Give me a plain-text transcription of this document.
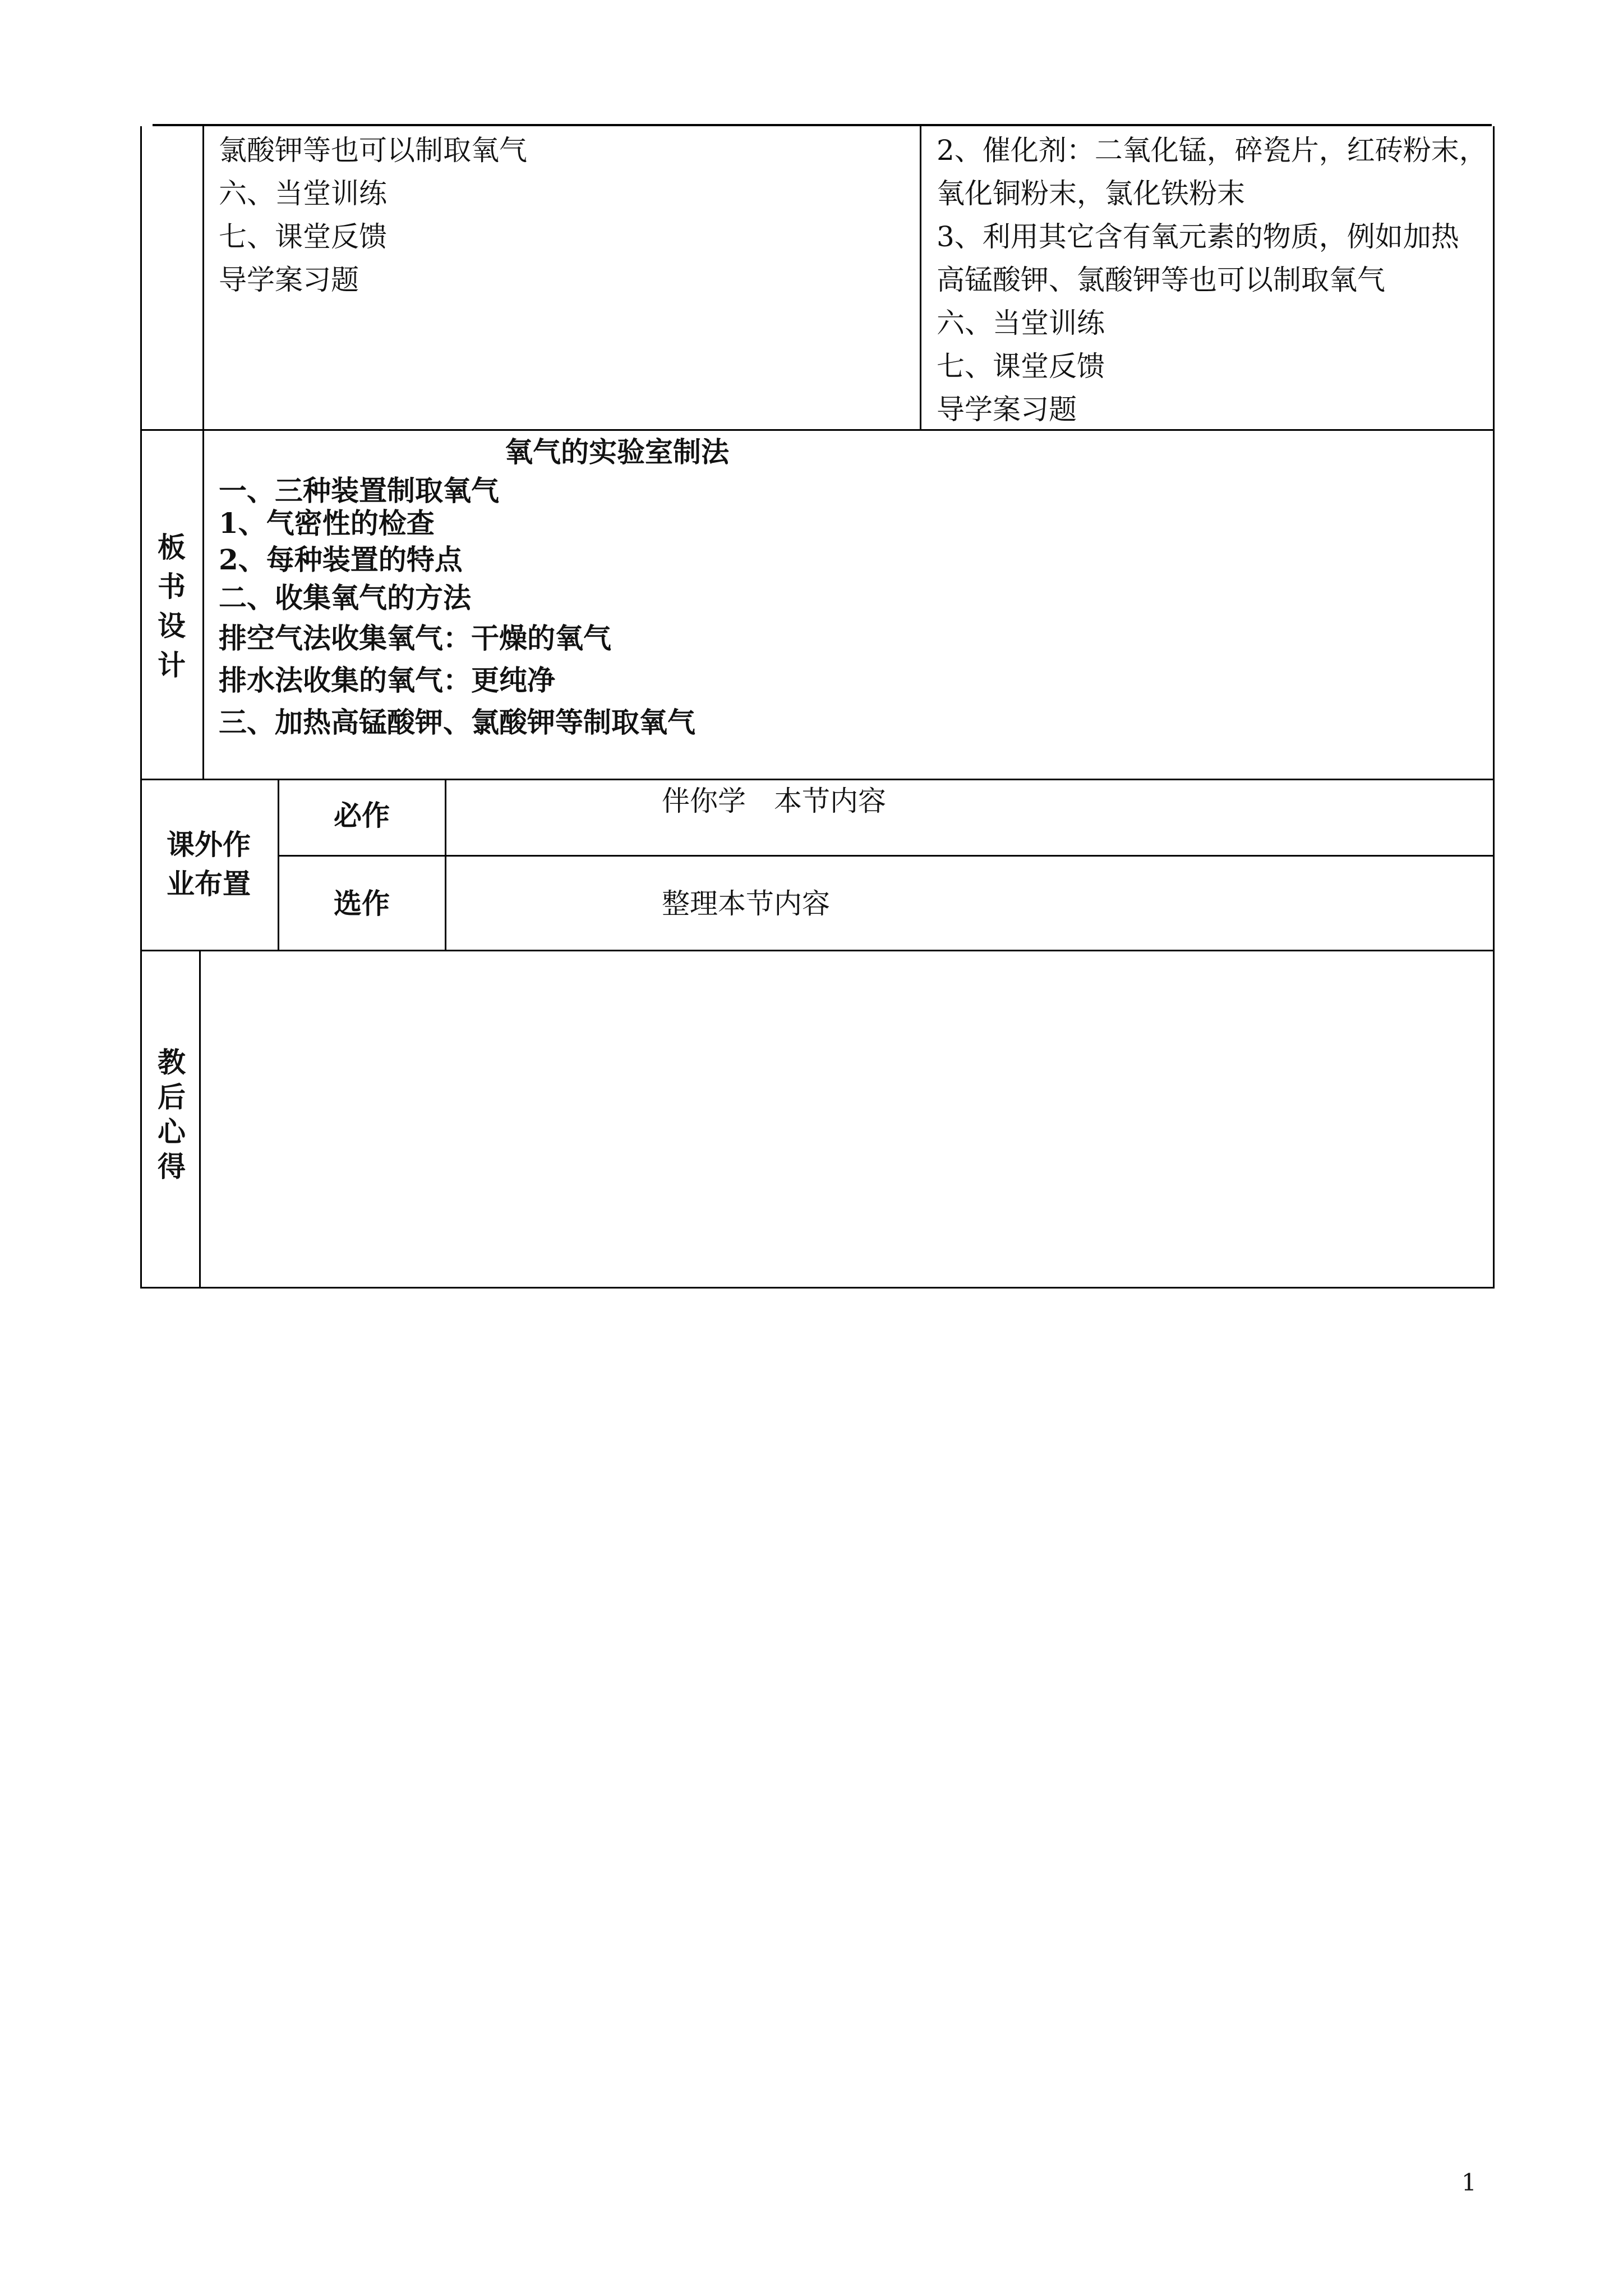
氯酸钾等也可以制取氧气
六、当堂训练
七、课堂反馈
导学案习题
2、催化剂：二氧化锰，碎瓷片，红砖粉末，
氧化铜粉末，氯化铁粉末
3、利用其它含有氧元素的物质，例如加热
高锰酸钾、氯酸钾等也可以制取氧气
六、当堂训练
七、课堂反馈
导学案习题
板
书
设
计
氧气的实验室制法
一、三种装置制取氧气
1、气密性的检查
2、每种装置的特点
二、收集氧气的方法
排空气法收集氧气：干燥的氧气
排水法收集的氧气：更纯净
三、加热高锰酸钾、氯酸钾等制取氧气
课外作
业布置
必作	伴你学　本节内容
选作	整理本节内容
教
后
心
得
1
